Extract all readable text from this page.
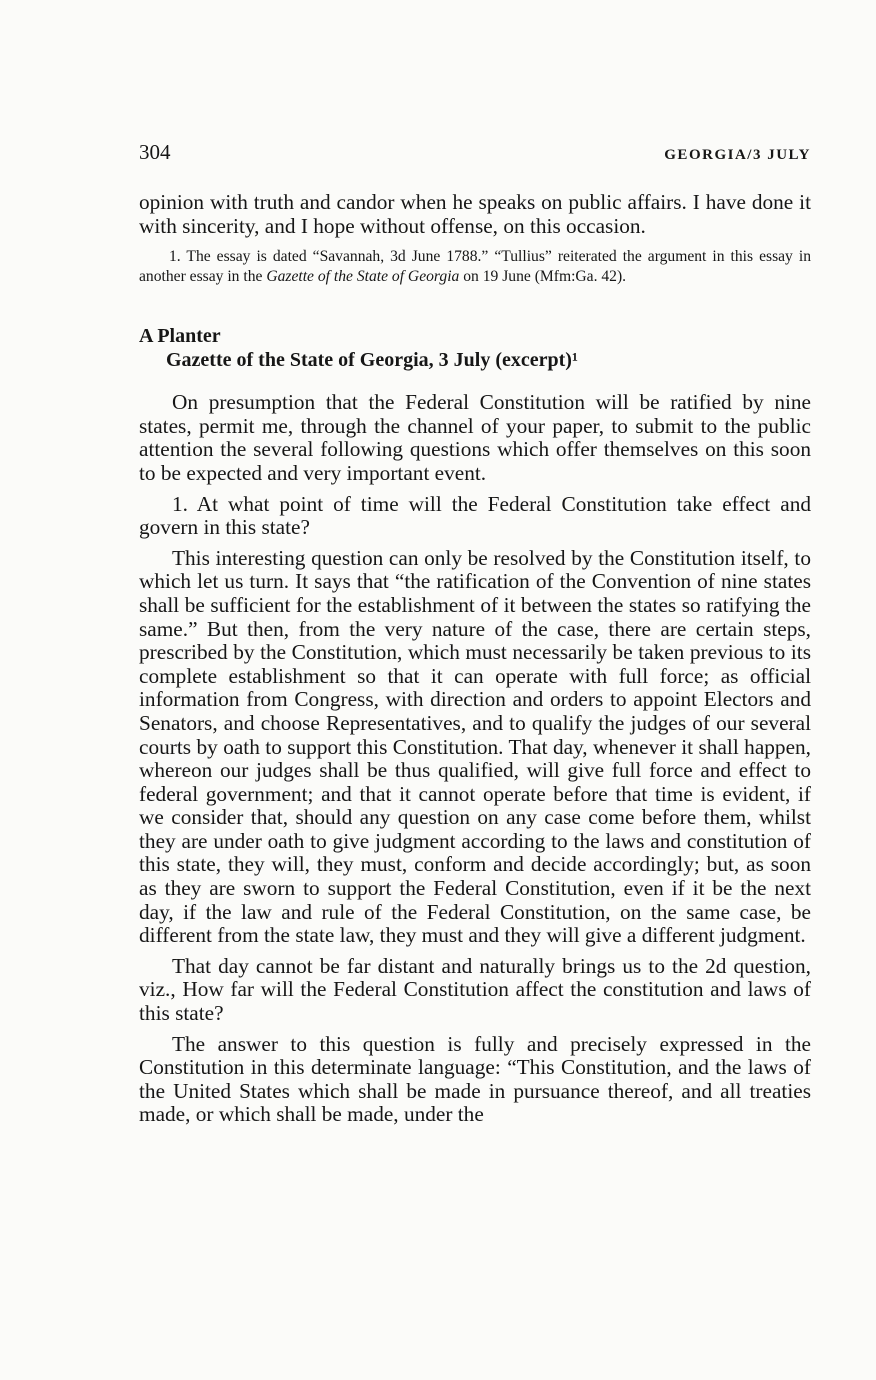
304	GEORGIA/3 JULY

opinion with truth and candor when he speaks on public affairs. I have done it with sincerity, and I hope without offense, on this occasion.

1. The essay is dated “Savannah, 3d June 1788.” “Tullius” reiterated the argument in this essay in another essay in the Gazette of the State of Georgia on 19 June (Mfm:Ga. 42).

A Planter
Gazette of the State of Georgia, 3 July (excerpt)¹

On presumption that the Federal Constitution will be ratified by nine states, permit me, through the channel of your paper, to submit to the public attention the several following questions which offer themselves on this soon to be expected and very important event.

1. At what point of time will the Federal Constitution take effect and govern in this state?

This interesting question can only be resolved by the Constitution itself, to which let us turn. It says that “the ratification of the Convention of nine states shall be sufficient for the establishment of it between the states so ratifying the same.” But then, from the very nature of the case, there are certain steps, prescribed by the Constitution, which must necessarily be taken previous to its complete establishment so that it can operate with full force; as official information from Congress, with direction and orders to appoint Electors and Senators, and choose Representatives, and to qualify the judges of our several courts by oath to support this Constitution. That day, whenever it shall happen, whereon our judges shall be thus qualified, will give full force and effect to federal government; and that it cannot operate before that time is evident, if we consider that, should any question on any case come before them, whilst they are under oath to give judgment according to the laws and constitution of this state, they will, they must, conform and decide accordingly; but, as soon as they are sworn to support the Federal Constitution, even if it be the next day, if the law and rule of the Federal Constitution, on the same case, be different from the state law, they must and they will give a different judgment.

That day cannot be far distant and naturally brings us to the 2d question, viz., How far will the Federal Constitution affect the constitution and laws of this state?

The answer to this question is fully and precisely expressed in the Constitution in this determinate language: “This Constitution, and the laws of the United States which shall be made in pursuance thereof, and all treaties made, or which shall be made, under the
